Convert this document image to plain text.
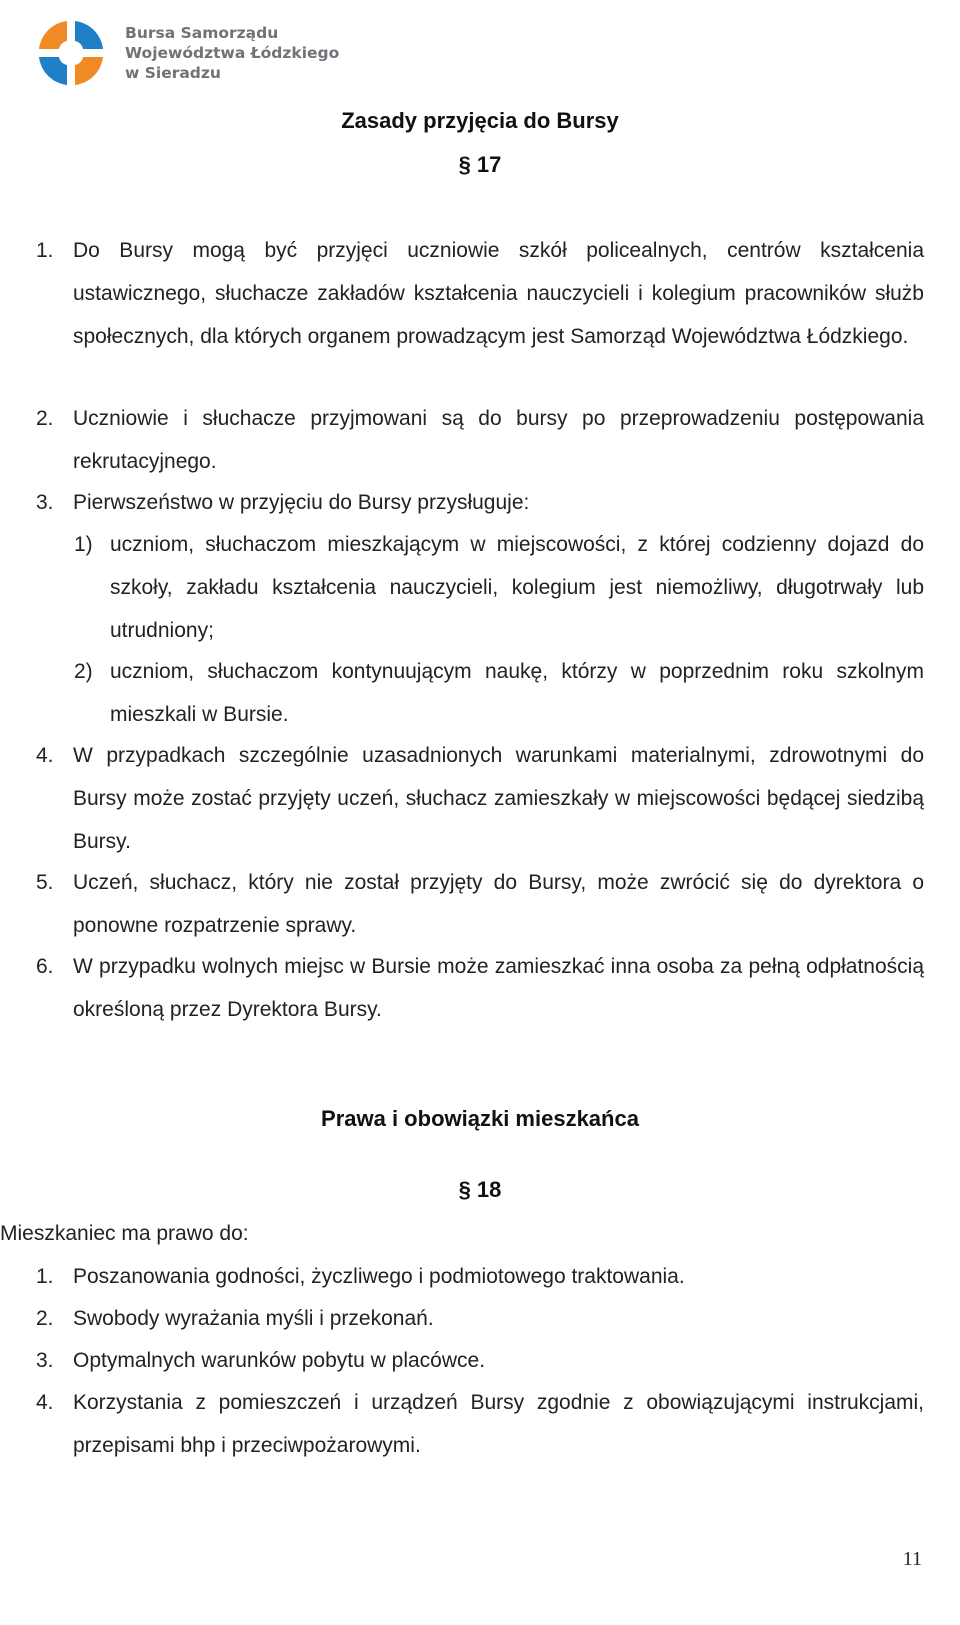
Bursa Samorządu
Województwa Łódzkiego
w Sieradzu
Zasady przyjęcia do Bursy
§ 17
1. Do Bursy mogą być przyjęci uczniowie szkół policealnych, centrów kształcenia ustawicznego, słuchacze zakładów kształcenia nauczycieli i kolegium pracowników służb społecznych, dla których organem prowadzącym jest Samorząd Województwa Łódzkiego.
2. Uczniowie i słuchacze przyjmowani są do bursy po przeprowadzeniu postępowania rekrutacyjnego.
3. Pierwszeństwo w przyjęciu do Bursy przysługuje:
1) uczniom, słuchaczom mieszkającym w miejscowości, z której codzienny dojazd do szkoły, zakładu kształcenia nauczycieli, kolegium jest niemożliwy, długotrwały lub utrudniony;
2) uczniom, słuchaczom kontynuującym naukę, którzy w poprzednim roku szkolnym mieszkali w Bursie.
4. W przypadkach szczególnie uzasadnionych warunkami materialnymi, zdrowotnymi do Bursy może zostać przyjęty uczeń, słuchacz zamieszkały w miejscowości będącej siedzibą Bursy.
5. Uczeń, słuchacz, który nie został przyjęty do Bursy, może zwrócić się do dyrektora o ponowne rozpatrzenie sprawy.
6. W przypadku wolnych miejsc w Bursie może zamieszkać inna osoba za pełną odpłatnością określoną przez Dyrektora Bursy.
Prawa i obowiązki mieszkańca
§ 18
Mieszkaniec ma prawo do:
1. Poszanowania godności, życzliwego i podmiotowego traktowania.
2. Swobody wyrażania myśli i przekonań.
3. Optymalnych warunków pobytu w placówce.
4. Korzystania z pomieszczeń i urządzeń Bursy zgodnie z obowiązującymi instrukcjami, przepisami bhp i przeciwpożarowymi.
11
